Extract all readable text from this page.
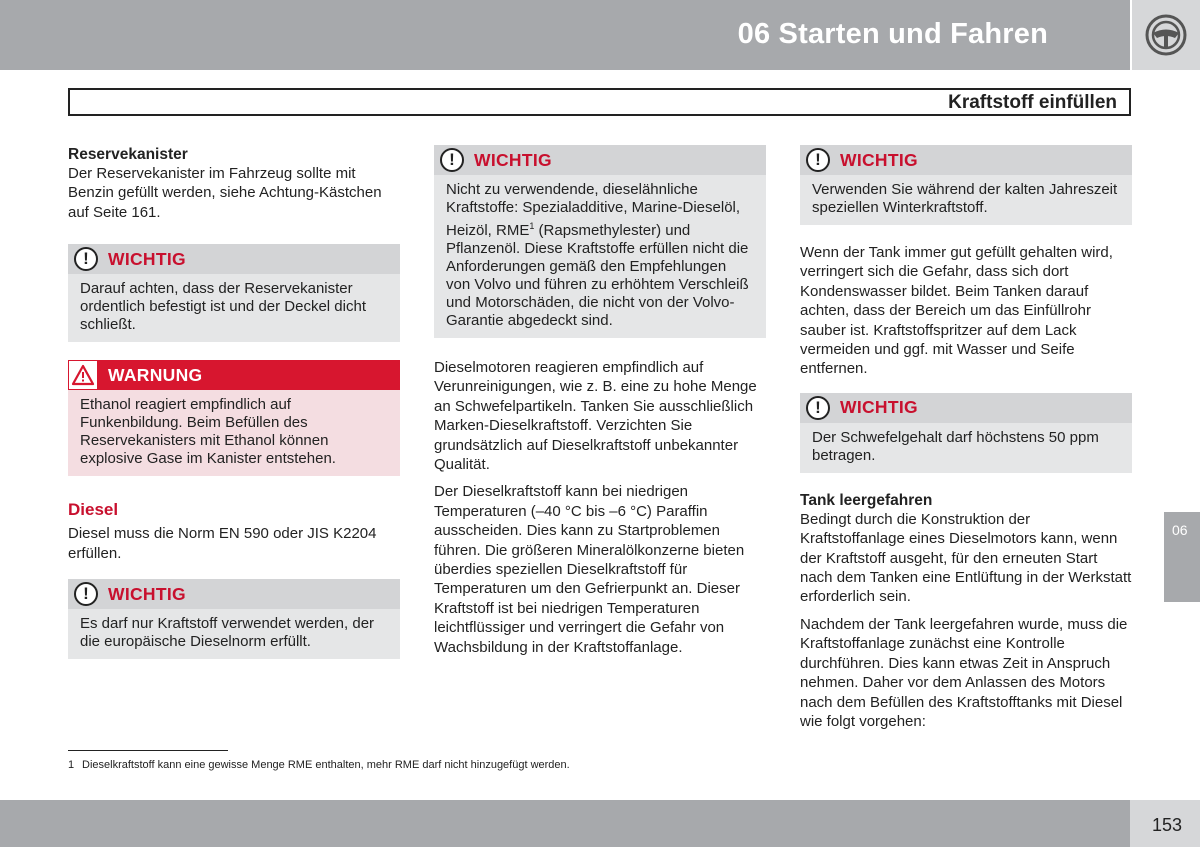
06 Starten und Fahren
Kraftstoff einfüllen
Reservekanister

Der Reservekanister im Fahrzeug sollte mit Benzin gefüllt werden, siehe Achtung-Kästchen auf Seite 161.

!	WICHTIG
Darauf achten, dass der Reservekanister ordentlich befestigt ist und der Deckel dicht schließt.
WARNUNG
Ethanol reagiert empfindlich auf Funkenbildung. Beim Befüllen des Reservekanisters mit Ethanol können explosive Gase im Kanister entstehen.
Diesel

Diesel muss die Norm EN 590 oder JIS K2204 erfüllen.

!	WICHTIG
Es darf nur Kraftstoff verwendet werden, der die europäische Dieselnorm erfüllt.
!	WICHTIG
Nicht zu verwendende, dieselähnliche Kraftstoffe: Spezialadditive, Marine-Dieselöl, Heizöl, RME$^1$ (Rapsmethylester) und Pflanzenöl. Diese Kraftstoffe erfüllen nicht die Anforderungen gemäß den Empfehlungen von Volvo und führen zu erhöhtem Verschleiß und Motorschäden, die nicht von der Volvo-Garantie abgedeckt sind.

Dieselmotoren reagieren empfindlich auf Verunreinigungen, wie z. B. eine zu hohe Menge an Schwefelpartikeln. Tanken Sie ausschließlich Marken-Dieselkraftstoff. Verzichten Sie grundsätzlich auf Dieselkraftstoff unbekannter Qualität.

Der Dieselkraftstoff kann bei niedrigen Temperaturen (–40 °C bis –6 °C) Paraffin ausscheiden. Dies kann zu Startproblemen führen. Die größeren Mineralölkonzerne bieten überdies speziellen Dieselkraftstoff für Temperaturen um den Gefrierpunkt an. Dieser Kraftstoff ist bei niedrigen Temperaturen leichtflüssiger und verringert die Gefahr von Wachsbildung in der Kraftstoffanlage.

!	WICHTIG
Verwenden Sie während der kalten Jahreszeit speziellen Winterkraftstoff.

Wenn der Tank immer gut gefüllt gehalten wird, verringert sich die Gefahr, dass sich dort Kondenswasser bildet. Beim Tanken darauf achten, dass der Bereich um das Einfüllrohr sauber ist. Kraftstoffspritzer auf dem Lack vermeiden und ggf. mit Wasser und Seife entfernen.

!	WICHTIG
Der Schwefelgehalt darf höchstens 50 ppm betragen.
Tank leergefahren

Bedingt durch die Konstruktion der Kraftstoffanlage eines Dieselmotors kann, wenn der Kraftstoff ausgeht, für den erneuten Start nach dem Tanken eine Entlüftung in der Werkstatt erforderlich sein.

Nachdem der Tank leergefahren wurde, muss die Kraftstoffanlage zunächst eine Kontrolle durchführen. Dies kann etwas Zeit in Anspruch nehmen. Daher vor dem Anlassen des Motors nach dem Befüllen des Kraftstofftanks mit Diesel wie folgt vorgehen:

06
1 Dieselkraftstoff kann eine gewisse Menge RME enthalten, mehr RME darf nicht hinzugefügt werden.
153
